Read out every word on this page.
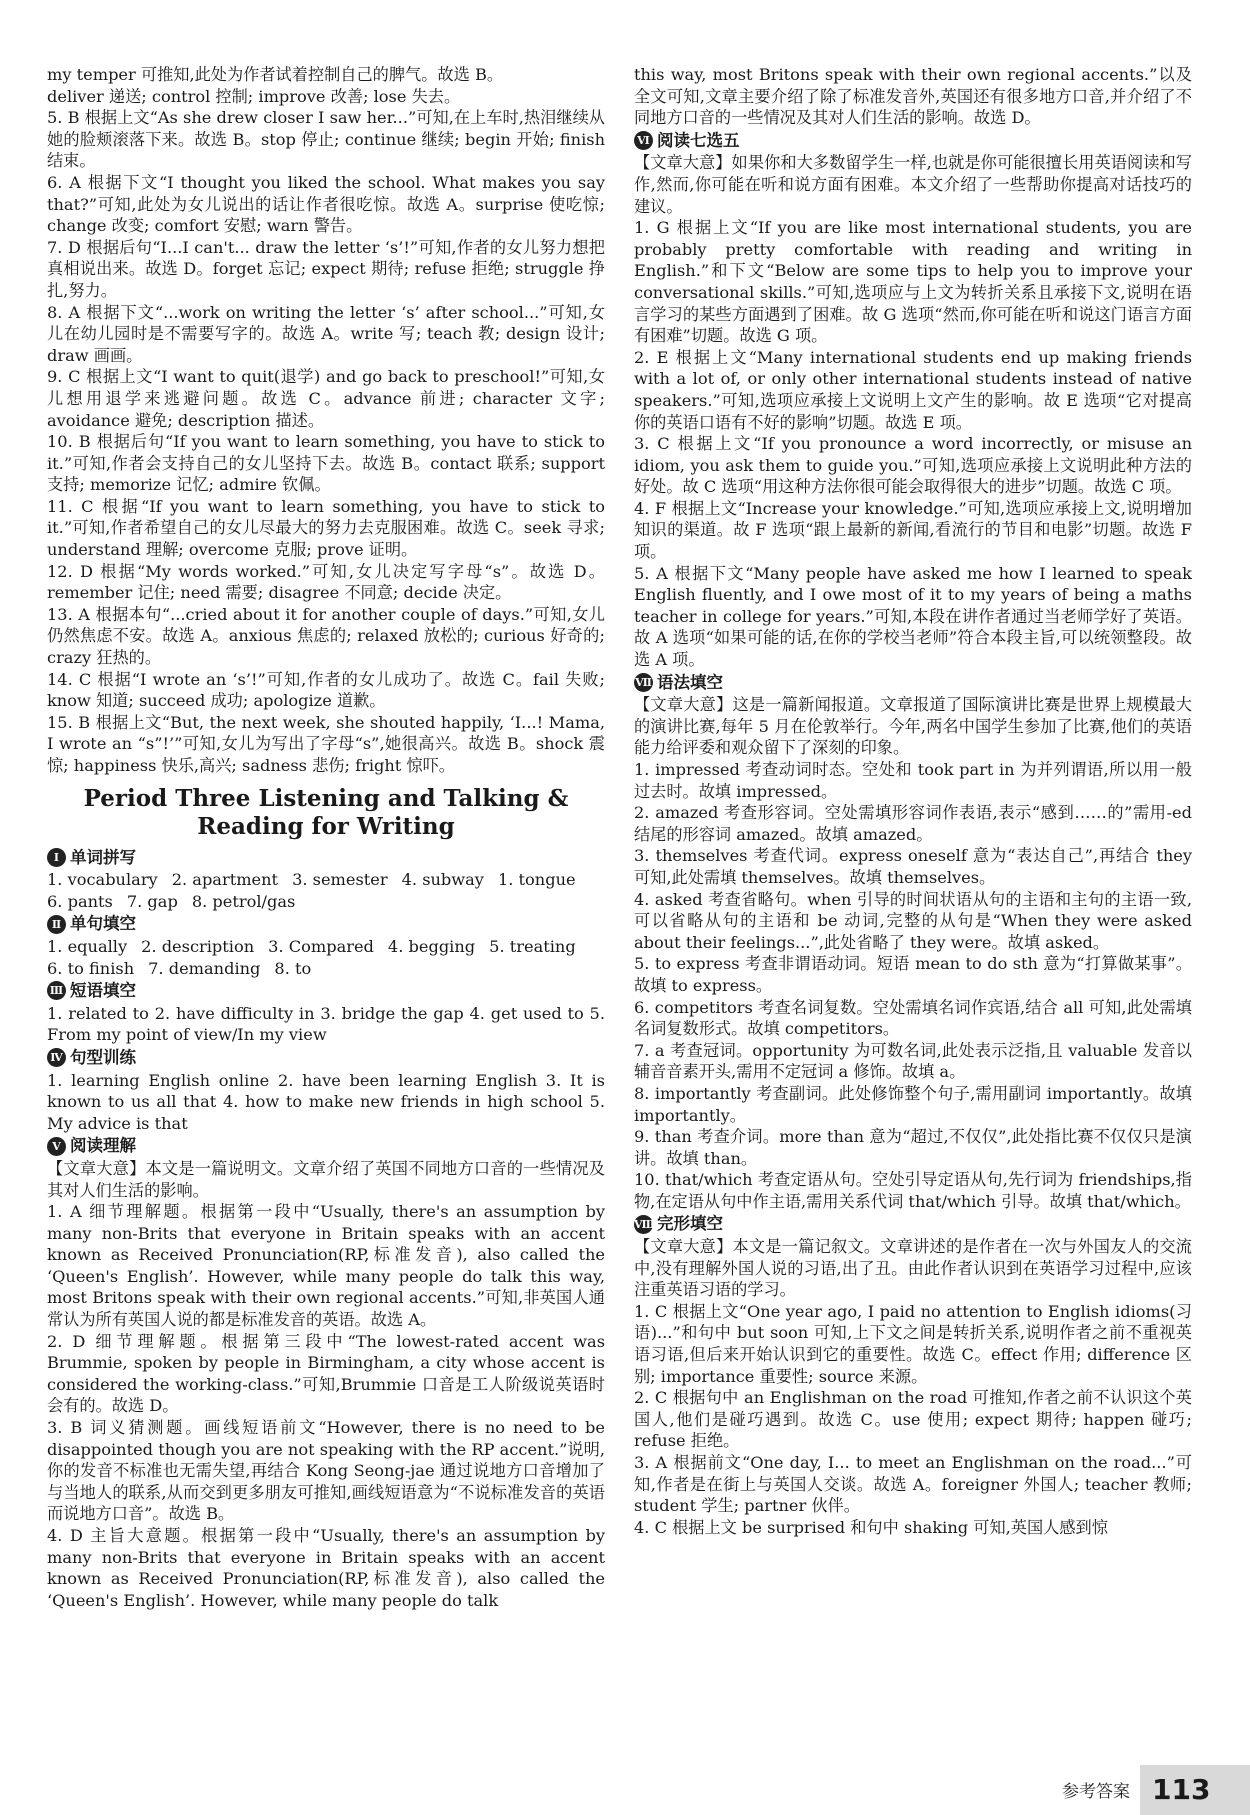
my temper 可推知,此处为作者试着控制自己的脾气。故选 B。

deliver 递送; control 控制; improve 改善; lose 失去。

5. B 根据上文“As she drew closer I saw her...”可知,在上车时,热泪继续从她的脸颊滚落下来。故选 B。stop 停止; continue 继续; begin 开始; finish 结束。

6. A 根据下文“I thought you liked the school. What makes you say that?”可知,此处为女儿说出的话让作者很吃惊。故选 A。surprise 使吃惊; change 改变; comfort 安慰; warn 警告。

7. D 根据后句“I...I can't... draw the letter ‘s’!”可知,作者的女儿努力想把真相说出来。故选 D。forget 忘记; expect 期待; refuse 拒绝; struggle 挣扎,努力。

8. A 根据下文“...work on writing the letter ‘s’ after school...”可知,女儿在幼儿园时是不需要写字的。故选 A。write 写; teach 教; design 设计; draw 画画。

9. C 根据上文“I want to quit(退学) and go back to preschool!”可知,女儿想用退学来逃避问题。故选 C。advance 前进; character 文字; avoidance 避免; description 描述。

10. B 根据后句“If you want to learn something, you have to stick to it.”可知,作者会支持自己的女儿坚持下去。故选 B。contact 联系; support 支持; memorize 记忆; admire 钦佩。

11. C 根据“If you want to learn something, you have to stick to it.”可知,作者希望自己的女儿尽最大的努力去克服困难。故选 C。seek 寻求; understand 理解; overcome 克服; prove 证明。

12. D 根据“My words worked.”可知,女儿决定写字母“s”。故选 D。remember 记住; need 需要; disagree 不同意; decide 决定。

13. A 根据本句“...cried about it for another couple of days.”可知,女儿仍然焦虑不安。故选 A。anxious 焦虑的; relaxed 放松的; curious 好奇的; crazy 狂热的。

14. C 根据“I wrote an ‘s’!”可知,作者的女儿成功了。故选 C。fail 失败; know 知道; succeed 成功; apologize 道歉。

15. B 根据上文“But, the next week, she shouted happily, ‘I...! Mama, I wrote an “s”!’”可知,女儿为写出了字母“s”,她很高兴。故选 B。shock 震惊; happiness 快乐,高兴; sadness 悲伤; fright 惊吓。

Period Three Listening and Talking &
Reading for Writing
Ⅰ 单词拼写
1. vocabulary 2. apartment 3. semester 4. subway 1. tongue
6. pants 7. gap 8. petrol/gas
Ⅱ 单句填空
1. equally 2. description 3. Compared 4. begging 5. treating
6. to finish 7. demanding 8. to
Ⅲ 短语填空

1. related to 2. have difficulty in 3. bridge the gap 4. get used to 5. From my point of view/In my view

Ⅳ 句型训练

1. learning English online 2. have been learning English 3. It is known to us all that 4. how to make new friends in high school 5. My advice is that

Ⅴ 阅读理解

【文章大意】本文是一篇说明文。文章介绍了英国不同地方口音的一些情况及其对人们生活的影响。

1. A 细节理解题。根据第一段中“Usually, there's an assumption by many non-Brits that everyone in Britain speaks with an accent known as Received Pronunciation(RP,标准发音), also called the ‘Queen's English’. However, while many people do talk this way, most Britons speak with their own regional accents.”可知,非英国人通常认为所有英国人说的都是标准发音的英语。故选 A。

2. D 细节理解题。根据第三段中“The lowest-rated accent was Brummie, spoken by people in Birmingham, a city whose accent is considered the working-class.”可知,Brummie 口音是工人阶级说英语时会有的。故选 D。

3. B 词义猜测题。画线短语前文“However, there is no need to be disappointed though you are not speaking with the RP accent.”说明,你的发音不标准也无需失望,再结合 Kong Seong-jae 通过说地方口音增加了与当地人的联系,从而交到更多朋友可推知,画线短语意为“不说标准发音的英语而说地方口音”。故选 B。

4. D 主旨大意题。根据第一段中“Usually, there's an assumption by many non-Brits that everyone in Britain speaks with an accent known as Received Pronunciation(RP,标准发音), also called the ‘Queen's English’. However, while many people do talk

this way, most Britons speak with their own regional accents.”以及全文可知,文章主要介绍了除了标准发音外,英国还有很多地方口音,并介绍了不同地方口音的一些情况及其对人们生活的影响。故选 D。

Ⅵ 阅读七选五

【文章大意】如果你和大多数留学生一样,也就是你可能很擅长用英语阅读和写作,然而,你可能在听和说方面有困难。本文介绍了一些帮助你提高对话技巧的建议。

1. G 根据上文“If you are like most international students, you are probably pretty comfortable with reading and writing in English.”和下文“Below are some tips to help you to improve your conversational skills.”可知,选项应与上文为转折关系且承接下文,说明在语言学习的某些方面遇到了困难。故 G 选项“然而,你可能在听和说这门语言方面有困难”切题。故选 G 项。

2. E 根据上文“Many international students end up making friends with a lot of, or only other international students instead of native speakers.”可知,选项应承接上文说明上文产生的影响。故 E 选项“它对提高你的英语口语有不好的影响”切题。故选 E 项。

3. C 根据上文“If you pronounce a word incorrectly, or misuse an idiom, you ask them to guide you.”可知,选项应承接上文说明此种方法的好处。故 C 选项“用这种方法你很可能会取得很大的进步”切题。故选 C 项。

4. F 根据上文“Increase your knowledge.”可知,选项应承接上文,说明增加知识的渠道。故 F 选项“跟上最新的新闻,看流行的节目和电影”切题。故选 F 项。

5. A 根据下文“Many people have asked me how I learned to speak English fluently, and I owe most of it to my years of being a maths teacher in college for years.”可知,本段在讲作者通过当老师学好了英语。故 A 选项“如果可能的话,在你的学校当老师”符合本段主旨,可以统领整段。故选 A 项。

Ⅶ 语法填空

【文章大意】这是一篇新闻报道。文章报道了国际演讲比赛是世界上规模最大的演讲比赛,每年 5 月在伦敦举行。今年,两名中国学生参加了比赛,他们的英语能力给评委和观众留下了深刻的印象。

1. impressed 考查动词时态。空处和 took part in 为并列谓语,所以用一般过去时。故填 impressed。

2. amazed 考查形容词。空处需填形容词作表语,表示“感到……的”需用-ed 结尾的形容词 amazed。故填 amazed。

3. themselves 考查代词。express oneself 意为“表达自己”,再结合 they 可知,此处需填 themselves。故填 themselves。

4. asked 考查省略句。when 引导的时间状语从句的主语和主句的主语一致,可以省略从句的主语和 be 动词,完整的从句是“When they were asked about their feelings...”,此处省略了 they were。故填 asked。

5. to express 考查非谓语动词。短语 mean to do sth 意为“打算做某事”。故填 to express。

6. competitors 考查名词复数。空处需填名词作宾语,结合 all 可知,此处需填名词复数形式。故填 competitors。

7. a 考查冠词。opportunity 为可数名词,此处表示泛指,且 valuable 发音以辅音音素开头,需用不定冠词 a 修饰。故填 a。

8. importantly 考查副词。此处修饰整个句子,需用副词 importantly。故填 importantly。

9. than 考查介词。more than 意为“超过,不仅仅”,此处指比赛不仅仅只是演讲。故填 than。

10. that/which 考查定语从句。空处引导定语从句,先行词为 friendships,指物,在定语从句中作主语,需用关系代词 that/which 引导。故填 that/which。

Ⅷ 完形填空

【文章大意】本文是一篇记叙文。文章讲述的是作者在一次与外国友人的交流中,没有理解外国人说的习语,出了丑。由此作者认识到在英语学习过程中,应该注重英语习语的学习。

1. C 根据上文“One year ago, I paid no attention to English idioms(习语)...”和句中 but soon 可知,上下文之间是转折关系,说明作者之前不重视英语习语,但后来开始认识到它的重要性。故选 C。effect 作用; difference 区别; importance 重要性; source 来源。

2. C 根据句中 an Englishman on the road 可推知,作者之前不认识这个英国人,他们是碰巧遇到。故选 C。use 使用; expect 期待; happen 碰巧; refuse 拒绝。

3. A 根据前文“One day, I... to meet an Englishman on the road...”可知,作者是在街上与英国人交谈。故选 A。foreigner 外国人; teacher 教师; student 学生; partner 伙伴。

4. C 根据上文 be surprised 和句中 shaking 可知,英国人感到惊

参考答案 113
